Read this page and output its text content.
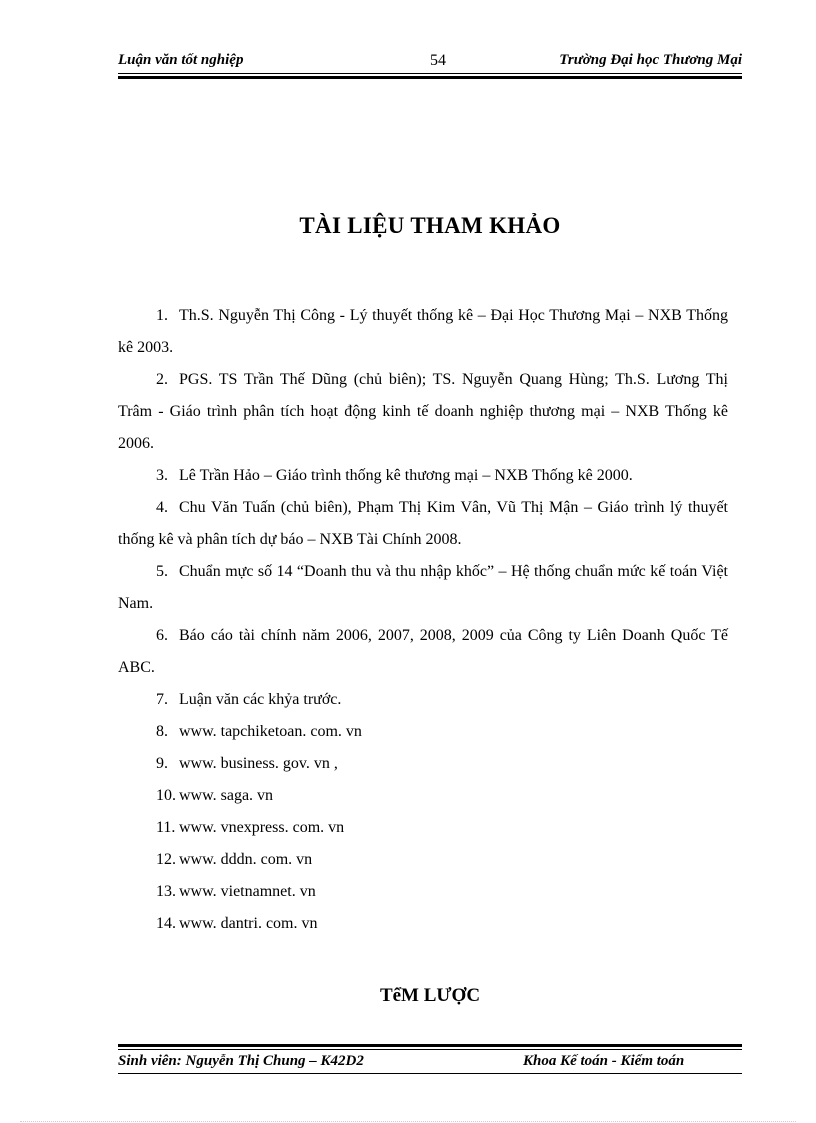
Luận văn tốt nghiệp	54	Trường Đại học Thương Mại
TÀI LIỆU THAM KHẢO

1. Th.S. Nguyễn Thị Công - Lý thuyết thống kê – Đại Học Thương Mại – NXB Thống kê 2003.

2. PGS. TS Trần Thế Dũng (chủ biên); TS. Nguyễn Quang Hùng; Th.S. Lương Thị Trâm - Giáo trình phân tích hoạt động kinh tế doanh nghiệp thương mại – NXB Thống kê 2006.

3. Lê Trần Hảo – Giáo trình thống kê thương mại – NXB Thống kê 2000.

4. Chu Văn Tuấn (chủ biên), Phạm Thị Kim Vân, Vũ Thị Mận – Giáo trình lý thuyết thống kê và phân tích dự báo – NXB Tài Chính 2008.

5. Chuẩn mực số 14 “Doanh thu và thu nhập khốc” – Hệ thống chuẩn mức kế toán Việt Nam.

6. Báo cáo tài chính năm 2006, 2007, 2008, 2009 của Công ty Liên Doanh Quốc Tế ABC.

7. Luận văn các khỷa trước.

8. www. tapchiketoan. com. vn

9. www. business. gov. vn ,

10. www. saga. vn

11. www. vnexpress. com. vn

12. www. dddn. com. vn

13. www. vietnamnet. vn

14. www. dantri. com. vn

TểM LƯỢC
Sinh viên: Nguyễn Thị Chung – K42D2	Khoa Kế toán - Kiểm toán
